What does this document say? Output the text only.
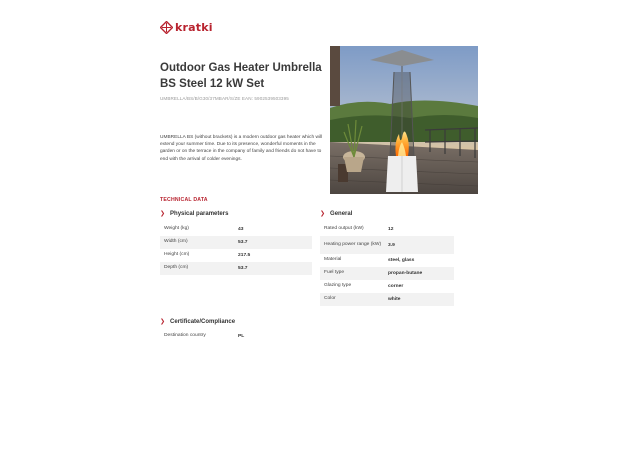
kratki
Outdoor Gas Heater Umbrella BS Steel 12 kW Set
UMBRELLA/BS/B/G30/37MBAR/S/ZE EAN: 5902539503395

UMBRELLA BS (without brackets) is a modern outdoor gas heater which will extend your summer time. Due to its presence, wonderful moments in the garden or on the terrace in the company of family and friends do not have to end with the arrival of colder evenings.

TECHNICAL DATA
❯ Physical parameters
Weight (kg)	43
Width (cm)	53.7
Height (cm)	217.5
Depth (cm)	53.7
❯ General
Rated output (kW)	12
Heating power range (kW) 3.9
Material	steel, glass
Fuel type	propan-butane
Glazing type	corner
Color	white
❯ Certificate/Compliance
Destination country	PL
